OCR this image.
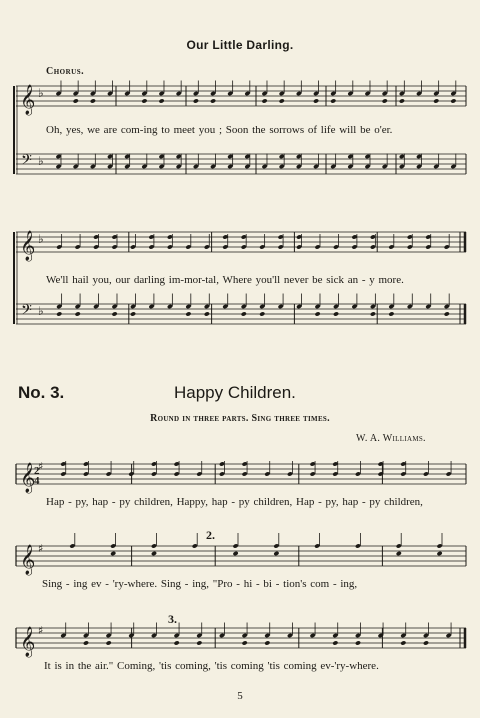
𝄞 ♭
𝄢 ♭
𝄞 ♭
𝄢 ♭
𝄞 ♯
2
4
𝄞 ♯
𝄞 ♯
Our Little Darling.
Chorus.
Oh, yes, we are com-ing to meet you ; Soon the sorrows of life will be o'er.
We'll hail you, our darling im-mor-tal, Where you'll never be sick an - y more.
No. 3.	Happy Children.
Round in three parts. Sing three times.
W. A. Williams.
Hap - py, hap - py children, Happy, hap - py children, Hap - py, hap - py children,
Sing - ing ev - 'ry-where. Sing - ing, "Pro - hi - bi - tion's com - ing,
It is in the air." Coming, 'tis coming, 'tis coming 'tis coming ev-'ry-where.
2.
3.
5
